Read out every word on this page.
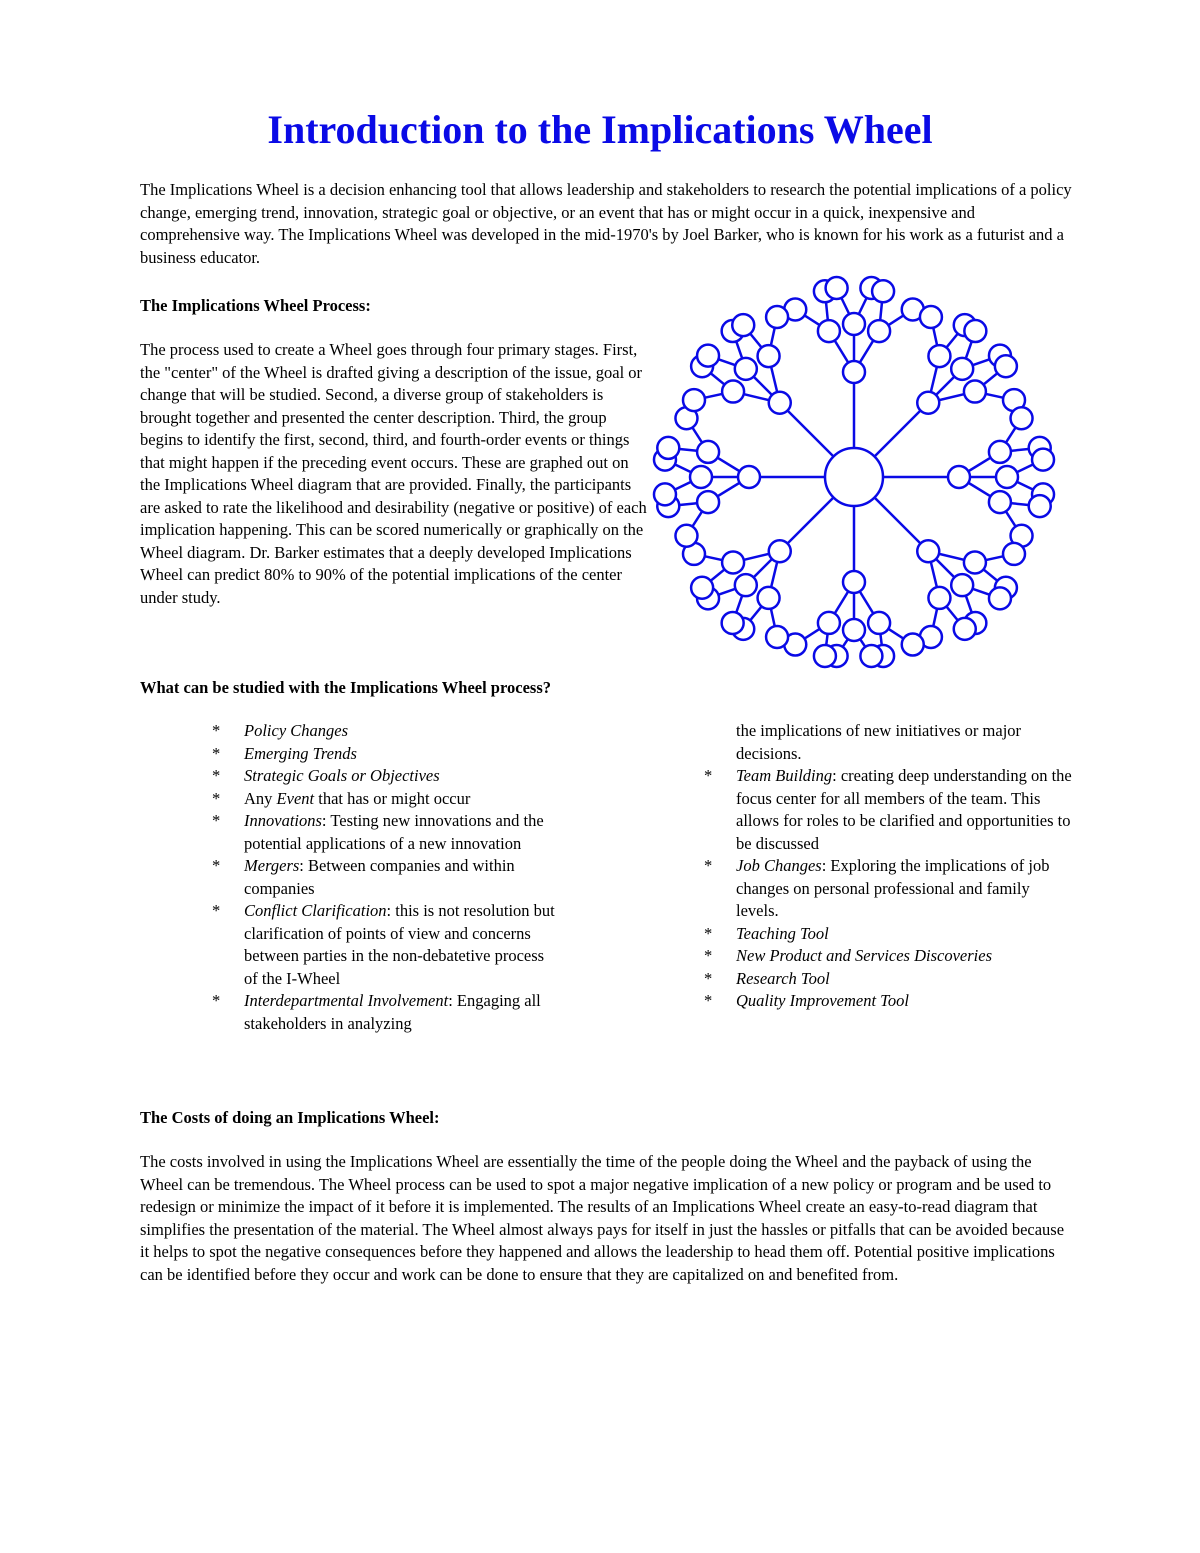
Introduction to the Implications Wheel

The Implications Wheel is a decision enhancing tool that allows leadership and stakeholders to research the potential implications of a policy change, emerging trend, innovation, strategic goal or objective, or an event that has or might occur in a quick, inexpensive and comprehensive way. The Implications Wheel was developed in the mid-1970's by Joel Barker, who is known for his work as a futurist and a business educator.

The Implications Wheel Process:

The process used to create a Wheel goes through four primary stages. First, the "center" of the Wheel is drafted giving a description of the issue, goal or change that will be studied. Second, a diverse group of stakeholders is brought together and presented the center description. Third, the group begins to identify the first, second, third, and fourth-order events or things that might happen if the preceding event occurs. These are graphed out on the Implications Wheel diagram that are provided. Finally, the participants are asked to rate the likelihood and desirability (negative or positive) of each implication happening. This can be scored numerically or graphically on the Wheel diagram. Dr. Barker estimates that a deeply developed Implications Wheel can predict 80% to 90% of the potential implications of the center under study.

What can be studied with the Implications Wheel process?
* Policy Changes
* Emerging Trends
* Strategic Goals or Objectives
* Any Event that has or might occur
* Innovations: Testing new innovations and the potential applications of a new innovation
* Mergers: Between companies and within companies
* Conflict Clarification: this is not resolution but clarification of points of view and concerns between parties in the non-debatetive process of the I-Wheel
* Interdepartmental Involvement: Engaging all stakeholders in analyzing
the implications of new initiatives or major decisions.
* Team Building: creating deep understanding on the focus center for all members of the team. This allows for roles to be clarified and opportunities to be discussed
* Job Changes: Exploring the implications of job changes on personal professional and family levels.
* Teaching Tool
* New Product and Services Discoveries
* Research Tool
* Quality Improvement Tool
The Costs of doing an Implications Wheel:

The costs involved in using the Implications Wheel are essentially the time of the people doing the Wheel and the payback of using the Wheel can be tremendous. The Wheel process can be used to spot a major negative implication of a new policy or program and be used to redesign or minimize the impact of it before it is implemented. The results of an Implications Wheel create an easy-to-read diagram that simplifies the presentation of the material. The Wheel almost always pays for itself in just the hassles or pitfalls that can be avoided because it helps to spot the negative consequences before they happened and allows the leadership to head them off. Potential positive implications can be identified before they occur and work can be done to ensure that they are capitalized on and benefited from.
